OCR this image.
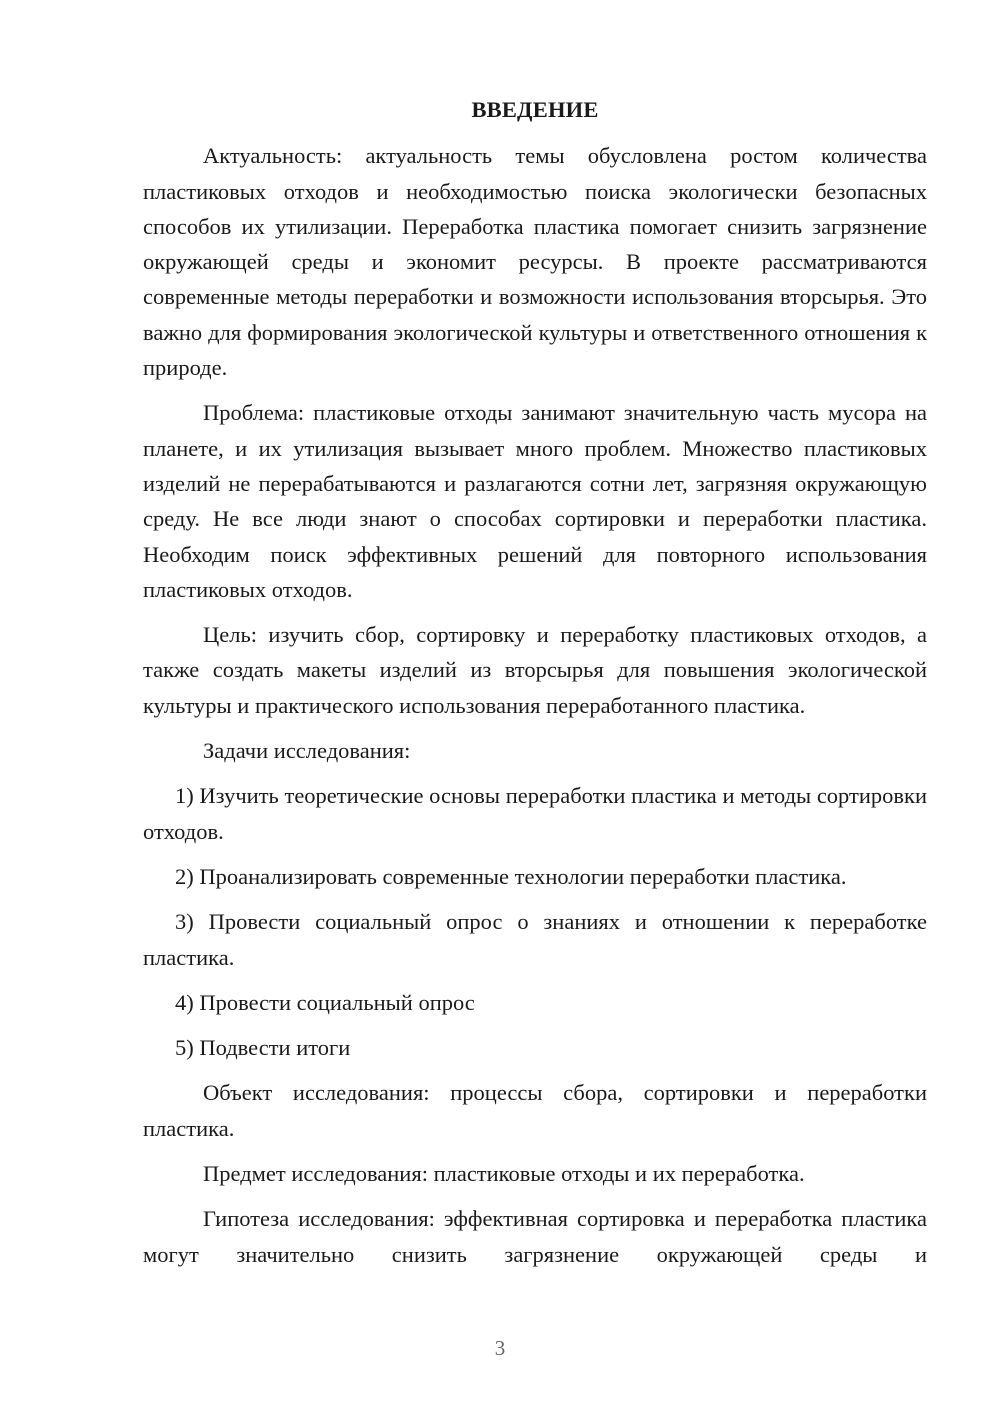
ВВЕДЕНИЕ

Актуальность: актуальность темы обусловлена ростом количества пластиковых отходов и необходимостью поиска экологически безопасных способов их утилизации. Переработка пластика помогает снизить загрязнение окружающей среды и экономит ресурсы. В проекте рассматриваются современные методы переработки и возможности использования вторсырья. Это важно для формирования экологической культуры и ответственного отношения к природе.

Проблема: пластиковые отходы занимают значительную часть мусора на планете, и их утилизация вызывает много проблем. Множество пластиковых изделий не перерабатываются и разлагаются сотни лет, загрязняя окружающую среду. Не все люди знают о способах сортировки и переработки пластика. Необходим поиск эффективных решений для повторного использования пластиковых отходов.

Цель: изучить сбор, сортировку и переработку пластиковых отходов, а также создать макеты изделий из вторсырья для повышения экологической культуры и практического использования переработанного пластика.

Задачи исследования:

1) Изучить теоретические основы переработки пластика и методы сортировки отходов.

2) Проанализировать современные технологии переработки пластика.

3) Провести социальный опрос о знаниях и отношении к переработке пластика.

4) Провести социальный опрос

5) Подвести итоги

Объект исследования: процессы сбора, сортировки и переработки пластика.

Предмет исследования: пластиковые отходы и их переработка.

Гипотеза исследования: эффективная сортировка и переработка пластика могут значительно снизить загрязнение окружающей среды и

3
